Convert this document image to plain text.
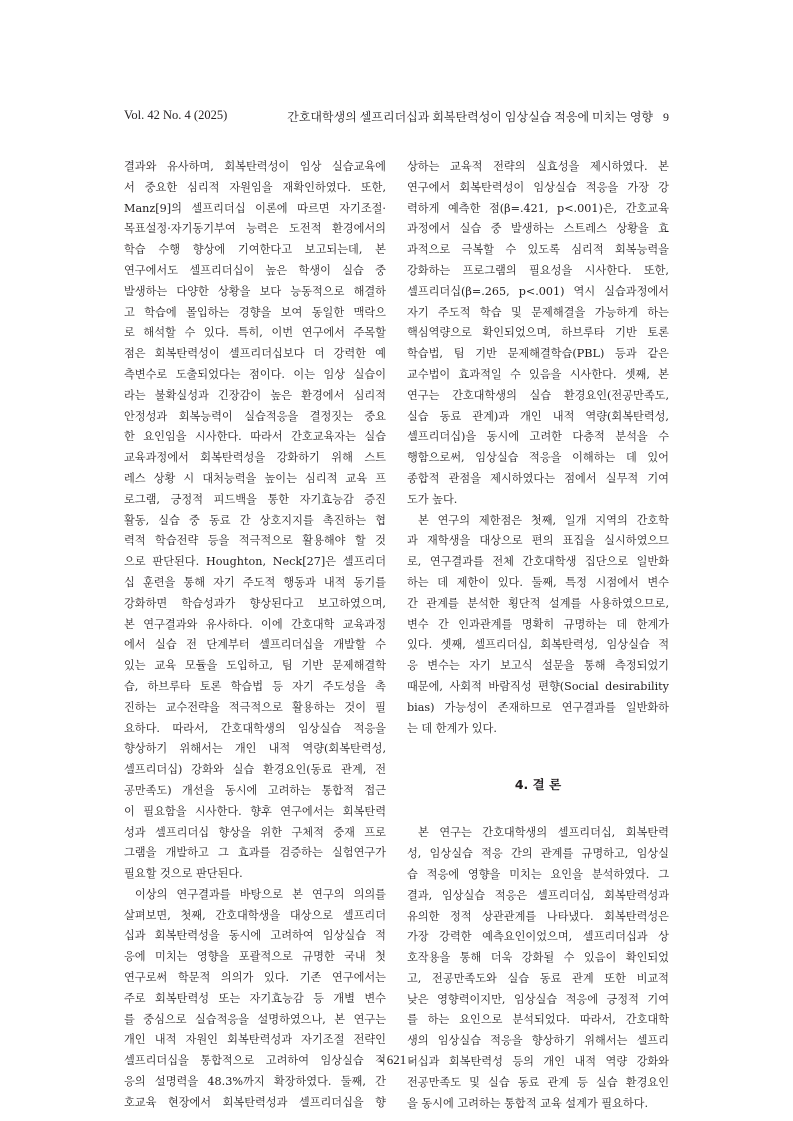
Vol. 42 No. 4 (2025)	간호대학생의 셀프리더십과 회복탄력성이 임상실습 적응에 미치는 영향 9
결과와 유사하며, 회복탄력성이 임상 실습교육에
서 중요한 심리적 자원임을 재확인하였다. 또한,
Manz[9]의 셀프리더십 이론에 따르면 자기조절·
목표설정·자기동기부여 능력은 도전적 환경에서의
학습 수행 향상에 기여한다고 보고되는데, 본
연구에서도 셀프리더십이 높은 학생이 실습 중
발생하는 다양한 상황을 보다 능동적으로 해결하
고 학습에 몰입하는 경향을 보여 동일한 맥락으
로 해석할 수 있다. 특히, 이번 연구에서 주목할
점은 회복탄력성이 셀프리더십보다 더 강력한 예
측변수로 도출되었다는 점이다. 이는 임상 실습이
라는 불확실성과 긴장감이 높은 환경에서 심리적
안정성과 회복능력이 실습적응을 결정짓는 중요
한 요인임을 시사한다. 따라서 간호교육자는 실습
교육과정에서 회복탄력성을 강화하기 위해 스트
레스 상황 시 대처능력을 높이는 심리적 교육 프
로그램, 긍정적 피드백을 통한 자기효능감 증진
활동, 실습 중 동료 간 상호지지를 촉진하는 협
력적 학습전략 등을 적극적으로 활용해야 할 것
으로 판단된다. Houghton, Neck[27]은 셀프리더
십 훈련을 통해 자기 주도적 행동과 내적 동기를
강화하면 학습성과가 향상된다고 보고하였으며,
본 연구결과와 유사하다. 이에 간호대학 교육과정
에서 실습 전 단계부터 셀프리더십을 개발할 수
있는 교육 모듈을 도입하고, 팀 기반 문제해결학
습, 하브루타 토론 학습법 등 자기 주도성을 촉
진하는 교수전략을 적극적으로 활용하는 것이 필
요하다. 따라서, 간호대학생의 임상실습 적응을
향상하기 위해서는 개인 내적 역량(회복탄력성,
셀프리더십) 강화와 실습 환경요인(동료 관계, 전
공만족도) 개선을 동시에 고려하는 통합적 접근
이 필요함을 시사한다. 향후 연구에서는 회복탄력
성과 셀프리더십 향상을 위한 구체적 중재 프로
그램을 개발하고 그 효과를 검증하는 실험연구가
필요할 것으로 판단된다.
이상의 연구결과를 바탕으로 본 연구의 의의를
살펴보면, 첫째, 간호대학생을 대상으로 셀프리더
십과 회복탄력성을 동시에 고려하여 임상실습 적
응에 미치는 영향을 포괄적으로 규명한 국내 첫
연구로써 학문적 의의가 있다. 기존 연구에서는
주로 회복탄력성 또는 자기효능감 등 개별 변수
를 중심으로 실습적응을 설명하였으나, 본 연구는
개인 내적 자원인 회복탄력성과 자기조절 전략인
셀프리더십을 통합적으로 고려하여 임상실습 적
응의 설명력을 48.3%까지 확장하였다. 둘째, 간
호교육 현장에서 회복탄력성과 셀프리더십을 향
상하는 교육적 전략의 실효성을 제시하였다. 본
연구에서 회복탄력성이 임상실습 적응을 가장 강
력하게 예측한 점(β=.421, p<.001)은, 간호교육
과정에서 실습 중 발생하는 스트레스 상황을 효
과적으로 극복할 수 있도록 심리적 회복능력을
강화하는 프로그램의 필요성을 시사한다. 또한,
셀프리더십(β=.265, p<.001) 역시 실습과정에서
자기 주도적 학습 및 문제해결을 가능하게 하는
핵심역량으로 확인되었으며, 하브루타 기반 토론
학습법, 팀 기반 문제해결학습(PBL) 등과 같은
교수법이 효과적일 수 있음을 시사한다. 셋째, 본
연구는 간호대학생의 실습 환경요인(전공만족도,
실습 동료 관계)과 개인 내적 역량(회복탄력성,
셀프리더십)을 동시에 고려한 다층적 분석을 수
행함으로써, 임상실습 적응을 이해하는 데 있어
종합적 관점을 제시하였다는 점에서 실무적 기여
도가 높다.
본 연구의 제한점은 첫째, 일개 지역의 간호학
과 재학생을 대상으로 편의 표집을 실시하였으므
로, 연구결과를 전체 간호대학생 집단으로 일반화
하는 데 제한이 있다. 둘째, 특정 시점에서 변수
간 관계를 분석한 횡단적 설계를 사용하였으므로,
변수 간 인과관계를 명확히 규명하는 데 한계가
있다. 셋째, 셀프리더십, 회복탄력성, 임상실습 적
응 변수는 자기 보고식 설문을 통해 측정되었기
때문에, 사회적 바람직성 편향(Social desirability
bias) 가능성이 존재하므로 연구결과를 일반화하
는 데 한계가 있다.
4. 결 론
본 연구는 간호대학생의 셀프리더십, 회복탄력
성, 임상실습 적응 간의 관계를 규명하고, 임상실
습 적응에 영향을 미치는 요인을 분석하였다. 그
결과, 임상실습 적응은 셀프리더십, 회복탄력성과
유의한 정적 상관관계를 나타냈다. 회복탄력성은
가장 강력한 예측요인이었으며, 셀프리더십과 상
호작용을 통해 더욱 강화될 수 있음이 확인되었
고, 전공만족도와 실습 동료 관계 또한 비교적
낮은 영향력이지만, 임상실습 적응에 긍정적 기여
를 하는 요인으로 분석되었다. 따라서, 간호대학
생의 임상실습 적응을 향상하기 위해서는 셀프리
더십과 회복탄력성 등의 개인 내적 역량 강화와
전공만족도 및 실습 동료 관계 등 실습 환경요인
을 동시에 고려하는 통합적 교육 설계가 필요하다.
- 621 -
